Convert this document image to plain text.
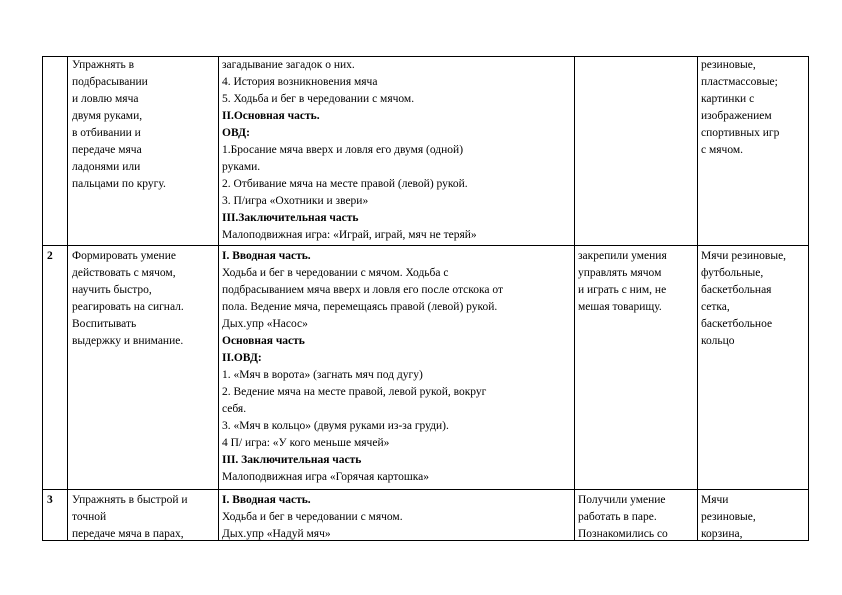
Упражнять в
подбрасывании
и ловлю мяча
двумя руками,
в отбивании и
передаче мяча
ладонями или
пальцами по кругу.
загадывание загадок о них.
4. История возникновения мяча
5. Ходьба и бег в чередовании с мячом.
II.Основная часть.
ОВД:
1.Бросание мяча вверх и ловля его двумя (одной)
руками.
2. Отбивание мяча на месте правой (левой) рукой.
3. П/игра «Охотники и звери»
III.Заключительная часть
Малоподвижная игра: «Играй, играй, мяч не теряй»
резиновые,
пластмассовые;
картинки с
изображением
спортивных игр
с мячом.
2 Формировать умение
действовать с мячом,
научить быстро,
реагировать на сигнал.
Воспитывать
выдержку и внимание.
I. Вводная часть.
Ходьба и бег в чередовании с мячом. Ходьба с
подбрасыванием мяча вверх и ловля его после отскока от
пола. Ведение мяча, перемещаясь правой (левой) рукой.
Дых.упр «Насос»
Основная часть
II.ОВД:
1. «Мяч в ворота» (загнать мяч под дугу)
2. Ведение мяча на месте правой, левой рукой, вокруг
себя.
3. «Мяч в кольцо» (двумя руками из-за груди).
4 П/ игра: «У кого меньше мячей»
III. Заключительная часть
Малоподвижная игра «Горячая картошка»
закрепили умения
управлять мячом
и играть с ним, не
мешая товарищу.
Мячи резиновые,
футбольные,
баскетбольная
сетка,
баскетбольное
кольцо
3 Упражнять в быстрой и
точной
передаче мяча в парах,
I. Вводная часть.
Ходьба и бег в чередовании с мячом.
Дых.упр «Надуй мяч»
Получили умение
работать в паре.
Познакомились со
Мячи
резиновые,
корзина,
